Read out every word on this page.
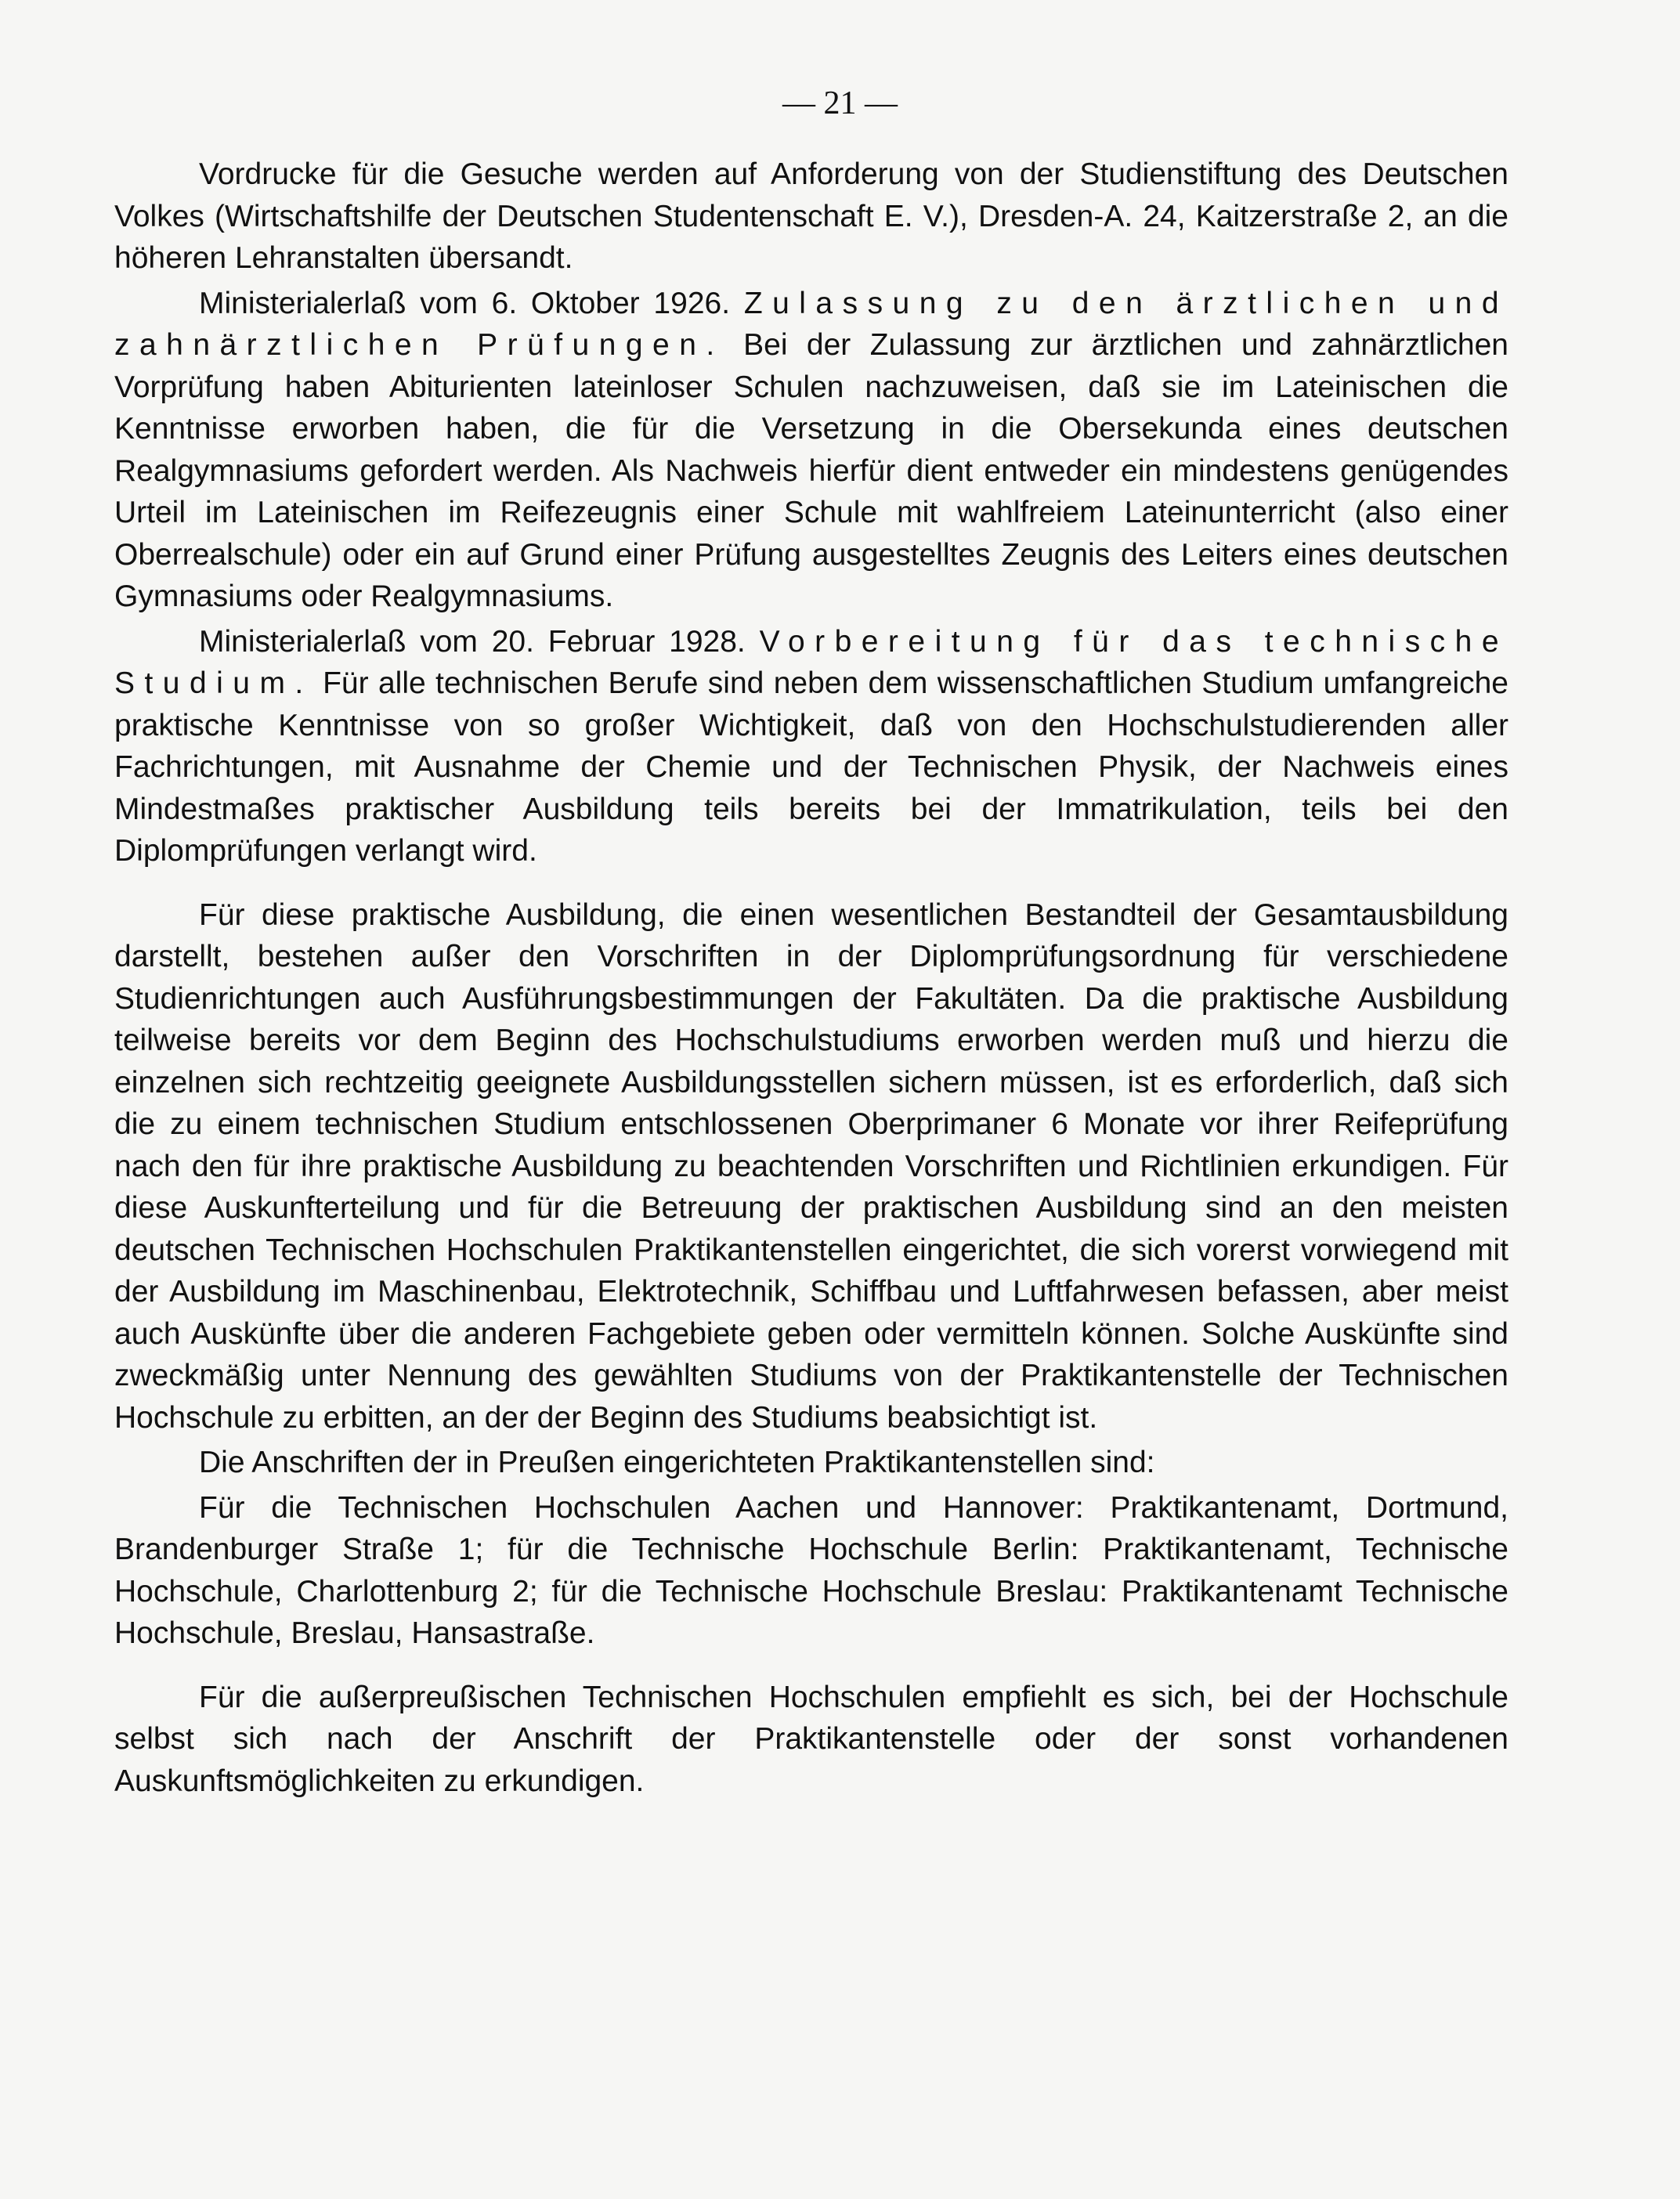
— 21 —

Vordrucke für die Gesuche werden auf Anforderung von der Studienstiftung des Deutschen Volkes (Wirtschaftshilfe der Deutschen Studentenschaft E. V.), Dresden-A. 24, Kaitzerstraße 2, an die höheren Lehranstalten übersandt.

Ministerialerlaß vom 6. Oktober 1926. Zulassung zu den ärztlichen und zahnärztlichen Prüfungen. Bei der Zulassung zur ärztlichen und zahnärztlichen Vorprüfung haben Abiturienten lateinloser Schulen nachzuweisen, daß sie im Lateinischen die Kenntnisse erworben haben, die für die Versetzung in die Obersekunda eines deutschen Realgymnasiums gefordert werden. Als Nachweis hierfür dient entweder ein mindestens genügendes Urteil im Lateinischen im Reifezeugnis einer Schule mit wahlfreiem Lateinunterricht (also einer Oberrealschule) oder ein auf Grund einer Prüfung ausgestelltes Zeugnis des Leiters eines deutschen Gymnasiums oder Realgymnasiums.

Ministerialerlaß vom 20. Februar 1928. Vorbereitung für das technische Studium. Für alle technischen Berufe sind neben dem wissenschaftlichen Studium umfangreiche praktische Kenntnisse von so großer Wichtigkeit, daß von den Hochschulstudierenden aller Fachrichtungen, mit Ausnahme der Chemie und der Technischen Physik, der Nachweis eines Mindestmaßes praktischer Ausbildung teils bereits bei der Immatrikulation, teils bei den Diplomprüfungen verlangt wird.

Für diese praktische Ausbildung, die einen wesentlichen Bestandteil der Gesamtausbildung darstellt, bestehen außer den Vorschriften in der Diplomprüfungsordnung für verschiedene Studienrichtungen auch Ausführungsbestimmungen der Fakultäten. Da die praktische Ausbildung teilweise bereits vor dem Beginn des Hochschulstudiums erworben werden muß und hierzu die einzelnen sich rechtzeitig geeignete Ausbildungsstellen sichern müssen, ist es erforderlich, daß sich die zu einem technischen Studium entschlossenen Oberprimaner 6 Monate vor ihrer Reifeprüfung nach den für ihre praktische Ausbildung zu beachtenden Vorschriften und Richtlinien erkundigen. Für diese Auskunfterteilung und für die Betreuung der praktischen Ausbildung sind an den meisten deutschen Technischen Hochschulen Praktikantenstellen eingerichtet, die sich vorerst vorwiegend mit der Ausbildung im Maschinenbau, Elektrotechnik, Schiffbau und Luftfahrwesen befassen, aber meist auch Auskünfte über die anderen Fachgebiete geben oder vermitteln können. Solche Auskünfte sind zweckmäßig unter Nennung des gewählten Studiums von der Praktikantenstelle der Technischen Hochschule zu erbitten, an der der Beginn des Studiums beabsichtigt ist.

Die Anschriften der in Preußen eingerichteten Praktikantenstellen sind:

Für die Technischen Hochschulen Aachen und Hannover: Praktikantenamt, Dortmund, Brandenburger Straße 1; für die Technische Hochschule Berlin: Praktikantenamt, Technische Hochschule, Charlottenburg 2; für die Technische Hochschule Breslau: Praktikantenamt Technische Hochschule, Breslau, Hansastraße.

Für die außerpreußischen Technischen Hochschulen empfiehlt es sich, bei der Hochschule selbst sich nach der Anschrift der Praktikantenstelle oder der sonst vorhandenen Auskunftsmöglichkeiten zu erkundigen.
